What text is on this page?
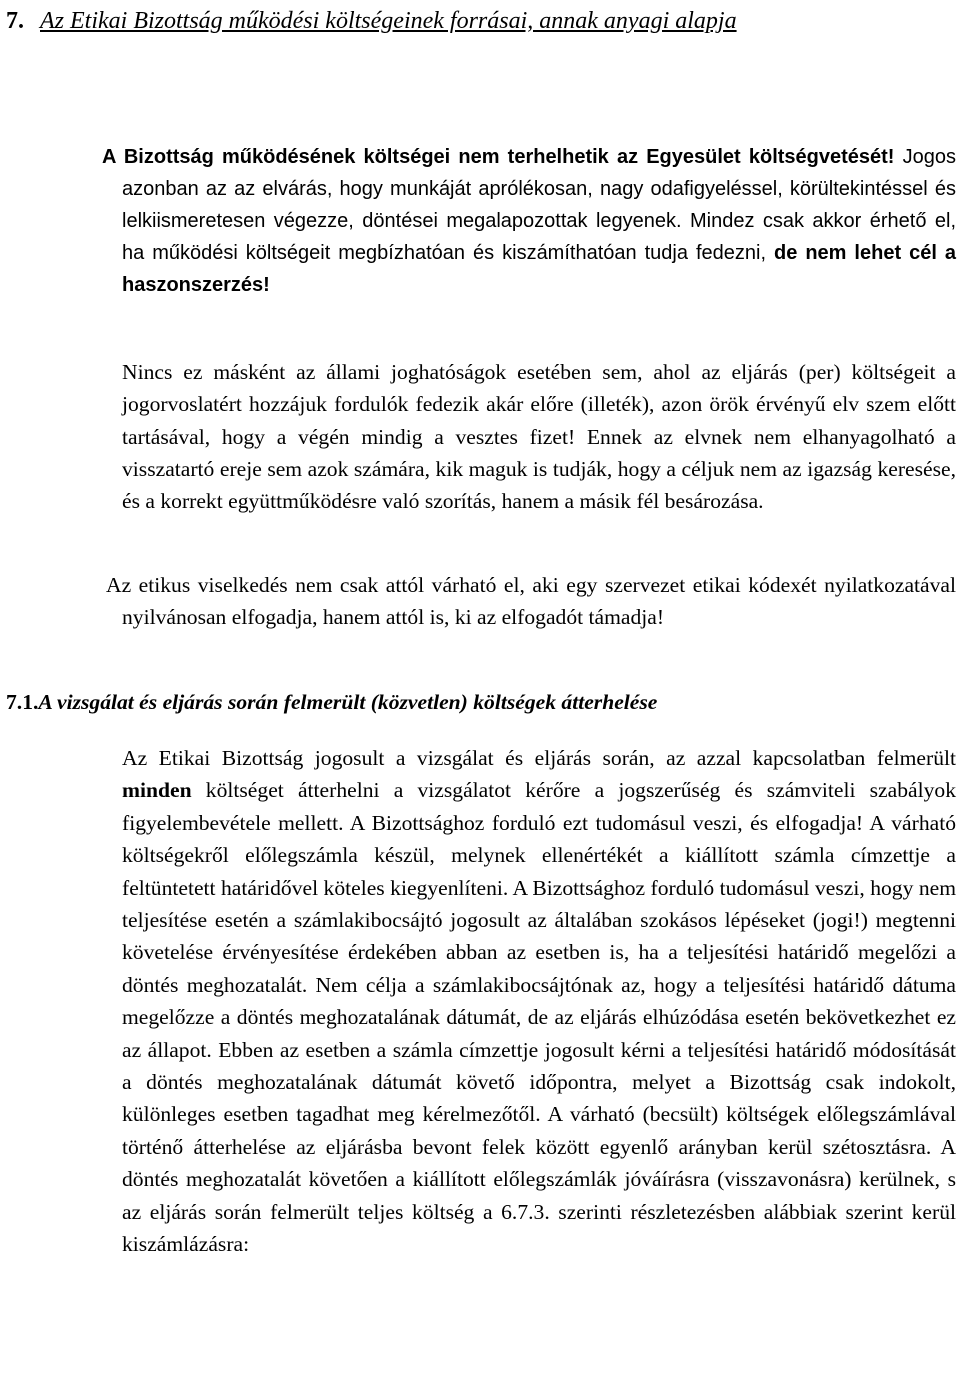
7. Az Etikai Bizottság működési költségeinek forrásai, annak anyagi alapja
A Bizottság működésének költségei nem terhelhetik az Egyesület költségvetését! Jogos azonban az az elvárás, hogy munkáját aprólékosan, nagy odafigyeléssel, körültekintéssel és lelkiismeretesen végezze, döntései megalapozottak legyenek. Mindez csak akkor érhető el, ha működési költségeit megbízhatóan és kiszámíthatóan tudja fedezni, de nem lehet cél a haszonszerzés!
Nincs ez másként az állami joghatóságok esetében sem, ahol az eljárás (per) költségeit a jogorvoslatért hozzájuk fordulók fedezik akár előre (illeték), azon örök érvényű elv szem előtt tartásával, hogy a végén mindig a vesztes fizet! Ennek az elvnek nem elhanyagolható a visszatartó ereje sem azok számára, kik maguk is tudják, hogy a céljuk nem az igazság keresése, és a korrekt együttműködésre való szorítás, hanem a másik fél besározása.
Az etikus viselkedés nem csak attól várható el, aki egy szervezet etikai kódexét nyilatkozatával nyilvánosan elfogadja, hanem attól is, ki az elfogadót támadja!
7.1.A vizsgálat és eljárás során felmerült (közvetlen) költségek átterhelése
Az Etikai Bizottság jogosult a vizsgálat és eljárás során, az azzal kapcsolatban felmerült minden költséget átterhelni a vizsgálatot kérőre a jogszerűség és számviteli szabályok figyelembevétele mellett. A Bizottsághoz forduló ezt tudomásul veszi, és elfogadja! A várható költségekről előlegszámla készül, melynek ellenértékét a kiállított számla címzettje a feltüntetett határidővel köteles kiegyenlíteni. A Bizottsághoz forduló tudomásul veszi, hogy nem teljesítése esetén a számlakibocsájtó jogosult az általában szokásos lépéseket (jogi!) megtenni követelése érvényesítése érdekében abban az esetben is, ha a teljesítési határidő megelőzi a döntés meghozatalát. Nem célja a számlakibocsájtónak az, hogy a teljesítési határidő dátuma megelőzze a döntés meghozatalának dátumát, de az eljárás elhúzódása esetén bekövetkezhet ez az állapot. Ebben az esetben a számla címzettje jogosult kérni a teljesítési határidő módosítását a döntés meghozatalának dátumát követő időpontra, melyet a Bizottság csak indokolt, különleges esetben tagadhat meg kérelmezőtől. A várható (becsült) költségek előlegszámlával történő átterhelése az eljárásba bevont felek között egyenlő arányban kerül szétosztásra. A döntés meghozatalát követően a kiállított előlegszámlák jóváírásra (visszavonásra) kerülnek, s az eljárás során felmerült teljes költség a 6.7.3. szerinti részletezésben alábbiak szerint kerül kiszámlázásra:
